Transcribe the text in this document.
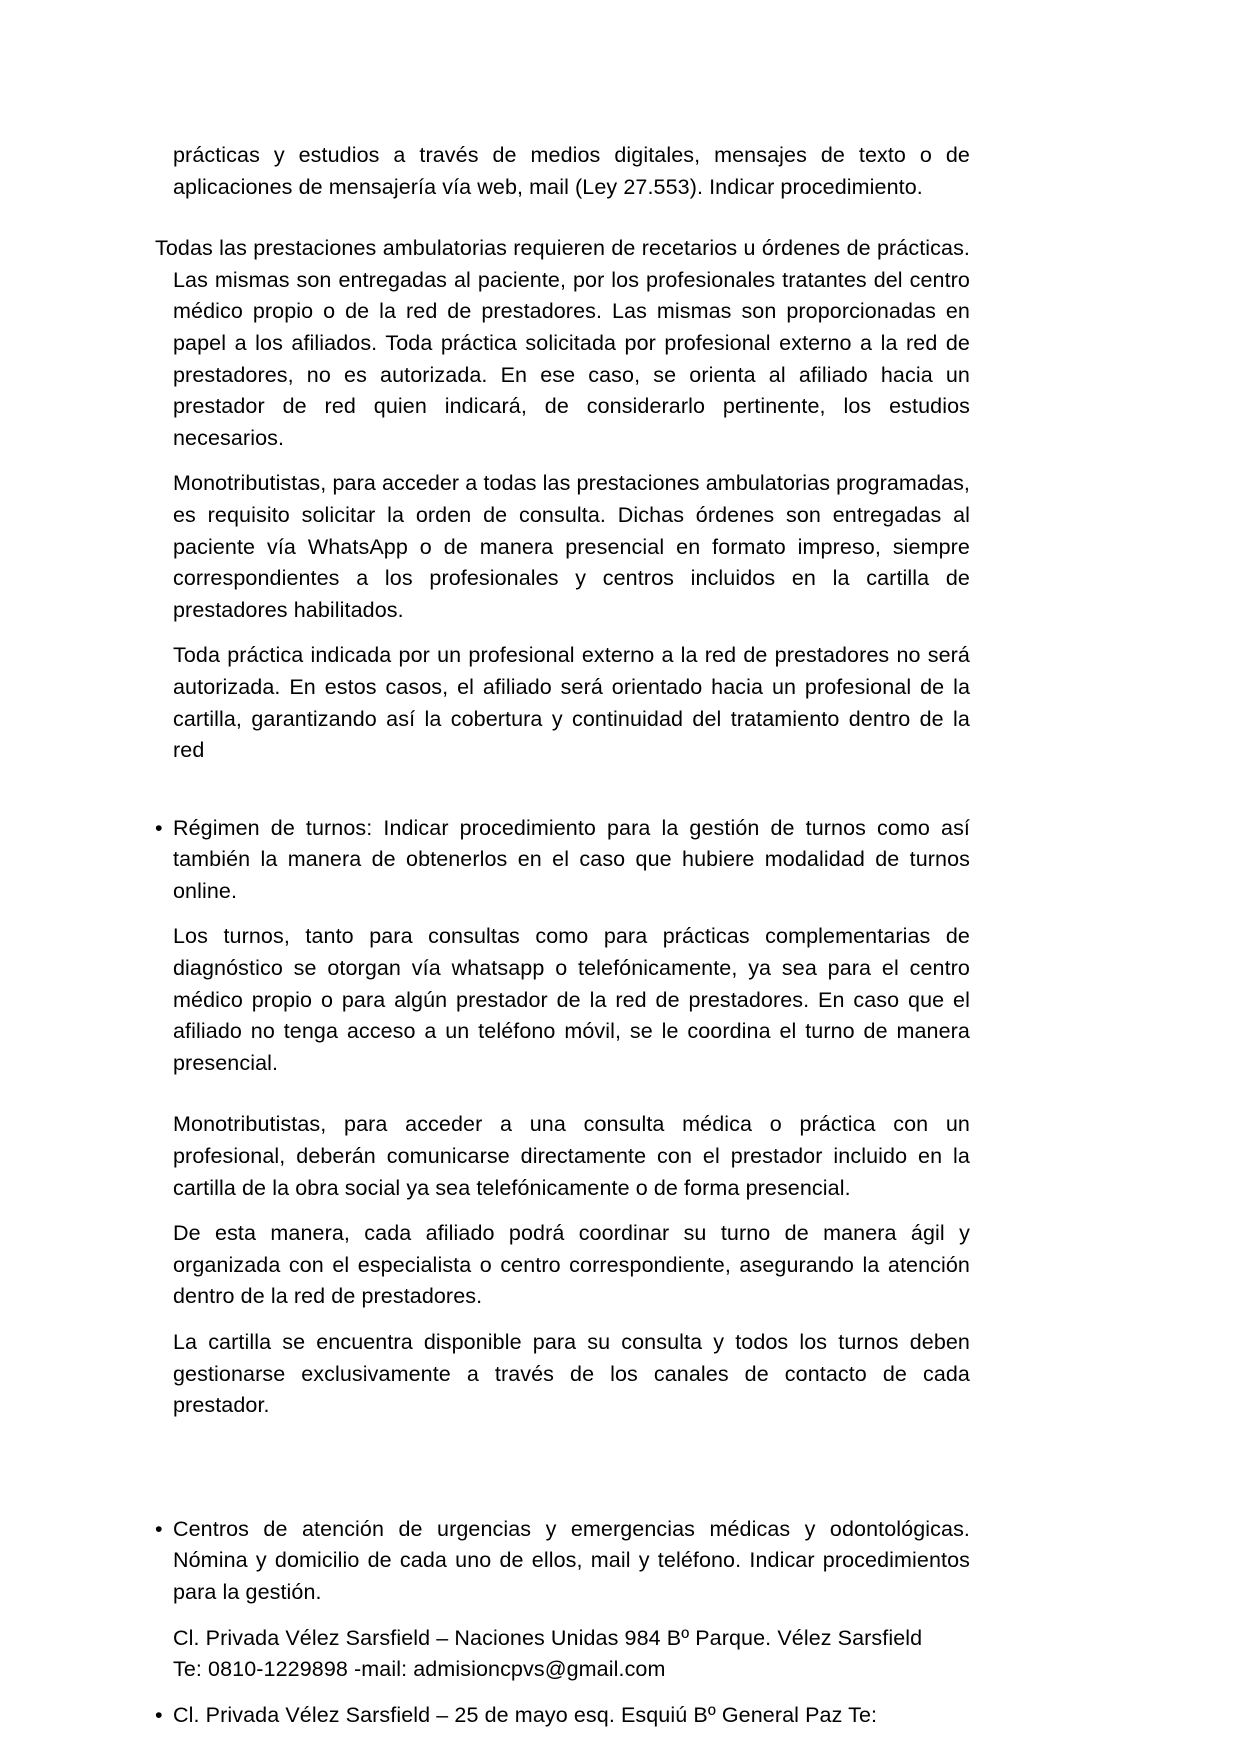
prácticas y estudios a través de medios digitales, mensajes de texto o de aplicaciones de mensajería vía web, mail (Ley 27.553). Indicar procedimiento.

Todas las prestaciones ambulatorias requieren de recetarios u órdenes de prácticas. Las mismas son entregadas al paciente, por los profesionales tratantes del centro médico propio o de la red de prestadores. Las mismas son proporcionadas en papel a los afiliados. Toda práctica solicitada por profesional externo a la red de prestadores, no es autorizada. En ese caso, se orienta al afiliado hacia un prestador de red quien indicará, de considerarlo pertinente, los estudios necesarios.

Monotributistas, para acceder a todas las prestaciones ambulatorias programadas, es requisito solicitar la orden de consulta. Dichas órdenes son entregadas al paciente vía WhatsApp o de manera presencial en formato impreso, siempre correspondientes a los profesionales y centros incluidos en la cartilla de prestadores habilitados.

Toda práctica indicada por un profesional externo a la red de prestadores no será autorizada. En estos casos, el afiliado será orientado hacia un profesional de la cartilla, garantizando así la cobertura y continuidad del tratamiento dentro de la red

• Régimen de turnos: Indicar procedimiento para la gestión de turnos como así también la manera de obtenerlos en el caso que hubiere modalidad de turnos online.

Los turnos, tanto para consultas como para prácticas complementarias de diagnóstico se otorgan vía whatsapp o telefónicamente, ya sea para el centro médico propio o para algún prestador de la red de prestadores. En caso que el afiliado no tenga acceso a un teléfono móvil, se le coordina el turno de manera presencial.

Monotributistas, para acceder a una consulta médica o práctica con un profesional, deberán comunicarse directamente con el prestador incluido en la cartilla de la obra social ya sea telefónicamente o de forma presencial.

De esta manera, cada afiliado podrá coordinar su turno de manera ágil y organizada con el especialista o centro correspondiente, asegurando la atención dentro de la red de prestadores.

La cartilla se encuentra disponible para su consulta y todos los turnos deben gestionarse exclusivamente a través de los canales de contacto de cada prestador.

• Centros de atención de urgencias y emergencias médicas y odontológicas. Nómina y domicilio de cada uno de ellos, mail y teléfono. Indicar procedimientos para la gestión.

Cl. Privada Vélez Sarsfield – Naciones Unidas 984 Bº Parque. Vélez Sarsfield

Te: 0810-1229898 -mail: admisioncpvs@gmail.com

• Cl. Privada Vélez Sarsfield – 25 de mayo esq. Esquiú Bº General Paz Te:
